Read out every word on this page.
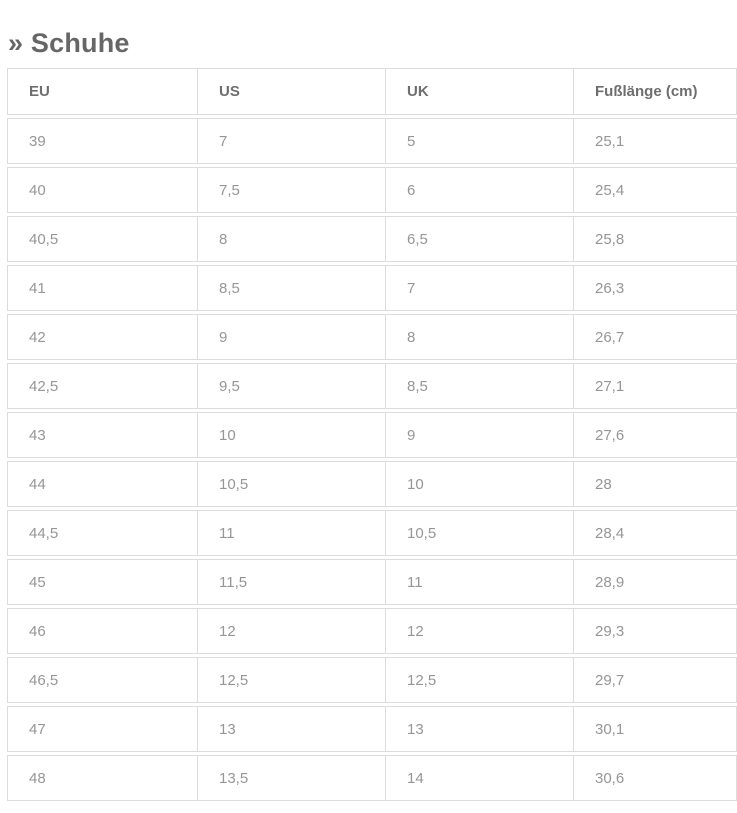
» Schuhe
EU	US	UK	Fußlänge (cm)
39	7	5	25,1
40	7,5	6	25,4
40,5	8	6,5	25,8
41	8,5	7	26,3
42	9	8	26,7
42,5	9,5	8,5	27,1
43	10	9	27,6
44	10,5	10	28
44,5	11	10,5	28,4
45	11,5	11	28,9
46	12	12	29,3
46,5	12,5	12,5	29,7
47	13	13	30,1
48	13,5	14	30,6
